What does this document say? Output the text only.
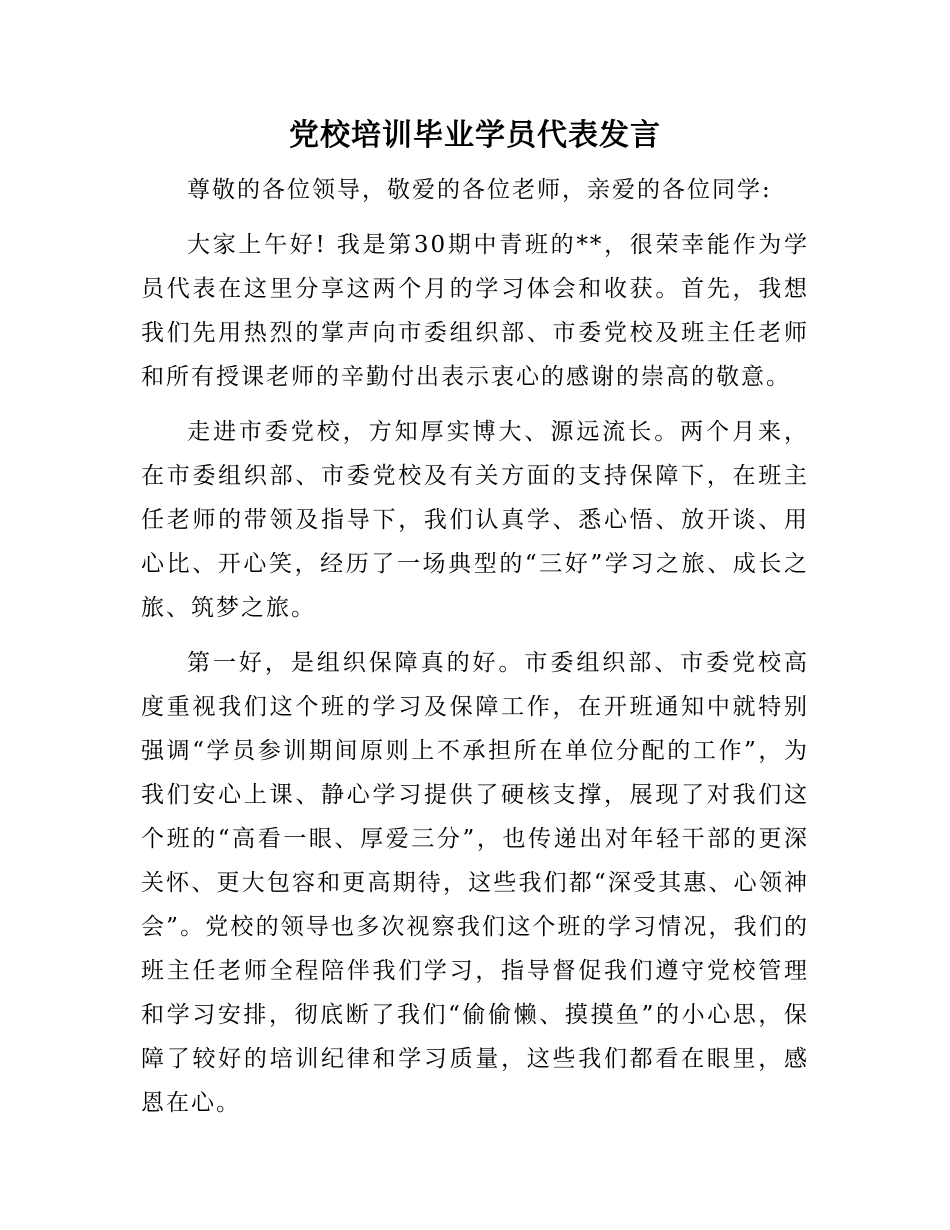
党校培训毕业学员代表发言

尊敬的各位领导，敬爱的各位老师，亲爱的各位同学:

大家上午好! 我是第30期中青班的**，很荣幸能作为学员代表在这里分享这两个月的学习体会和收获。首先，我想我们先用热烈的掌声向市委组织部、市委党校及班主任老师和所有授课老师的辛勤付出表示衷心的感谢的崇高的敬意。

走进市委党校，方知厚实博大、源远流长。两个月来，在市委组织部、市委党校及有关方面的支持保障下，在班主任老师的带领及指导下，我们认真学、悉心悟、放开谈、用心比、开心笑，经历了一场典型的“三好”学习之旅、成长之旅、筑梦之旅。

第一好，是组织保障真的好。市委组织部、市委党校高度重视我们这个班的学习及保障工作，在开班通知中就特别强调“学员参训期间原则上不承担所在单位分配的工作”，为我们安心上课、静心学习提供了硬核支撑，展现了对我们这个班的“高看一眼、厚爱三分”，也传递出对年轻干部的更深关怀、更大包容和更高期待，这些我们都“深受其惠、心领神会”。党校的领导也多次视察我们这个班的学习情况，我们的班主任老师全程陪伴我们学习，指导督促我们遵守党校管理和学习安排，彻底断了我们“偷偷懒、摸摸鱼”的小心思，保障了较好的培训纪律和学习质量，这些我们都看在眼里，感恩在心。
